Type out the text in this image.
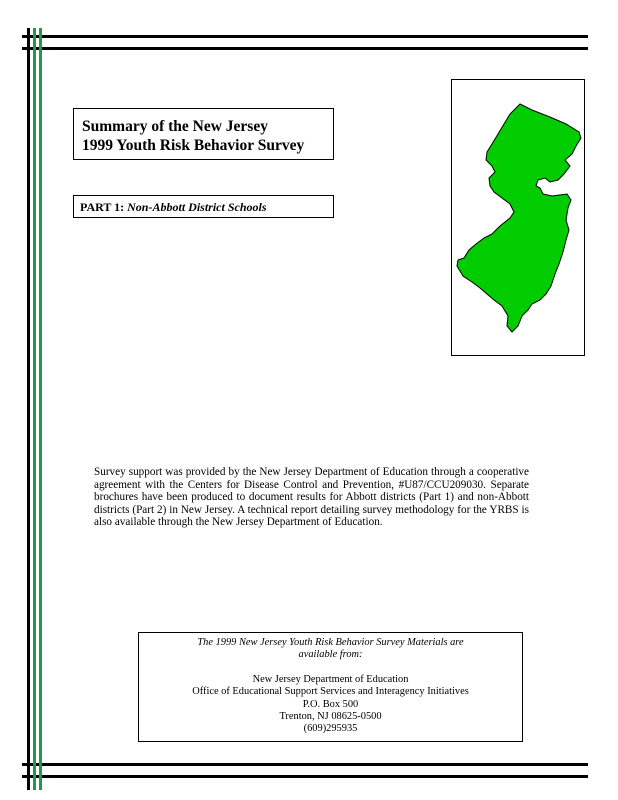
Summary of the New Jersey
1999 Youth Risk Behavior Survey
PART 1: Non-Abbott District Schools
Survey support was provided by the New Jersey Department of Education through a cooperative agreement with the Centers for Disease Control and Prevention, #U87/CCU209030. Separate brochures have been produced to document results for Abbott districts (Part 1) and non-Abbott districts (Part 2) in New Jersey. A technical report detailing survey methodology for the YRBS is also available through the New Jersey Department of Education.
The 1999 New Jersey Youth Risk Behavior Survey Materials are
available from:
New Jersey Department of Education
Office of Educational Support Services and Interagency Initiatives
P.O. Box 500
Trenton, NJ 08625-0500
(609)295935
